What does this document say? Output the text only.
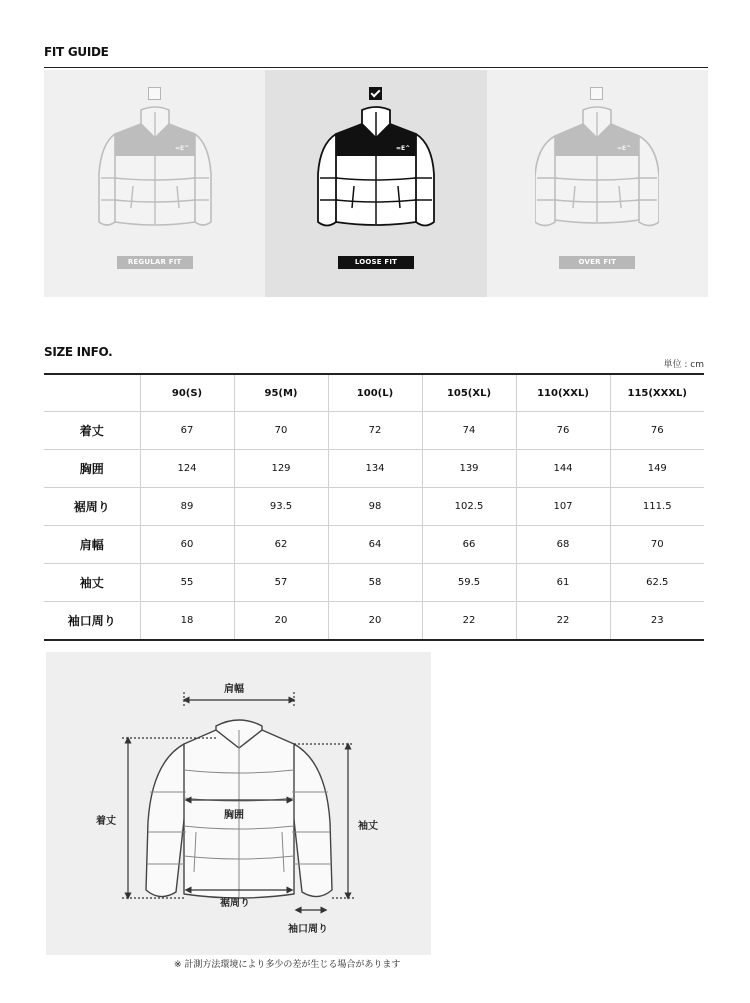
FIT GUIDE
=E^
REGULAR FIT
=E^
LOOSE FIT
=E^
OVER FIT
SIZE INFO.
単位 : cm
	90(S)	95(M)	100(L)	105(XL)	110(XXL)	115(XXXL)
着丈	67	70	72	74	76	76
胸囲	124	129	134	139	144	149
裾周り	89	93.5	98	102.5	107	111.5
肩幅	60	62	64	66	68	70
袖丈	55	57	58	59.5	61	62.5
袖口周り	18	20	20	22	22	23
肩幅
着丈
胸囲
袖丈
裾周り
袖口周り
※ 計測方法環境により多少の差が生じる場合があります
